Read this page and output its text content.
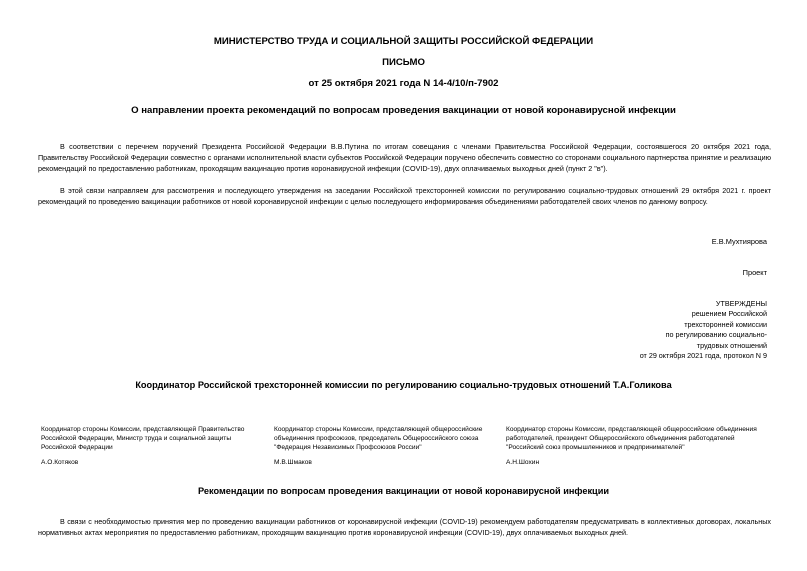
МИНИСТЕРСТВО ТРУДА И СОЦИАЛЬНОЙ ЗАЩИТЫ РОССИЙСКОЙ ФЕДЕРАЦИИ

ПИСЬМО

от 25 октября 2021 года N 14-4/10/п-7902

О направлении проекта рекомендаций по вопросам проведения вакцинации от новой коронавирусной инфекции

В соответствии с перечнем поручений Президента Российской Федерации В.В.Путина по итогам совещания с членами Правительства Российской Федерации, состоявшегося 20 октября 2021 года, Правительству Российской Федерации совместно с органами исполнительной власти субъектов Российской Федерации поручено обеспечить совместно со сторонами социального партнерства принятие и реализацию рекомендаций по предоставлению работникам, проходящим вакцинацию против коронавирусной инфекции (COVID-19), двух оплачиваемых выходных дней (пункт 2 "в").

В этой связи направляем для рассмотрения и последующего утверждения на заседании Российской трехсторонней комиссии по регулированию социально-трудовых отношений 29 октября 2021 г. проект рекомендаций по проведению вакцинации работников от новой коронавирусной инфекции с целью последующего информирования объединениями работодателей своих членов по данному вопросу.

Е.В.Мухтиярова

Проект

УТВЕРЖДЕНЫ
решением Российской
трехсторонней комиссии
по регулированию социально-
трудовых отношений
от 29 октября 2021 года, протокол N 9

Координатор Российской трехсторонней комиссии по регулированию социально-трудовых отношений Т.А.Голикова

Координатор стороны Комиссии, представляющей Правительство Российской Федерации, Министр труда и социальной защиты Российской Федерации
А.О.Котяков
Координатор стороны Комиссии, представляющей общероссийские объединения профсоюзов, председатель Общероссийского союза "Федерация Независимых Профсоюзов России"
М.В.Шмаков
Координатор стороны Комиссии, представляющей общероссийские объединения работодателей, президент Общероссийского объединения работодателей "Российский союз промышленников и предпринимателей"
А.Н.Шохин

Рекомендации по вопросам проведения вакцинации от новой коронавирусной инфекции

В связи с необходимостью принятия мер по проведению вакцинации работников от коронавирусной инфекции (COVID-19) рекомендуем работодателям предусматривать в коллективных договорах, локальных нормативных актах мероприятия по предоставлению работникам, проходящим вакцинацию против коронавирусной инфекции (COVID-19), двух оплачиваемых выходных дней.
